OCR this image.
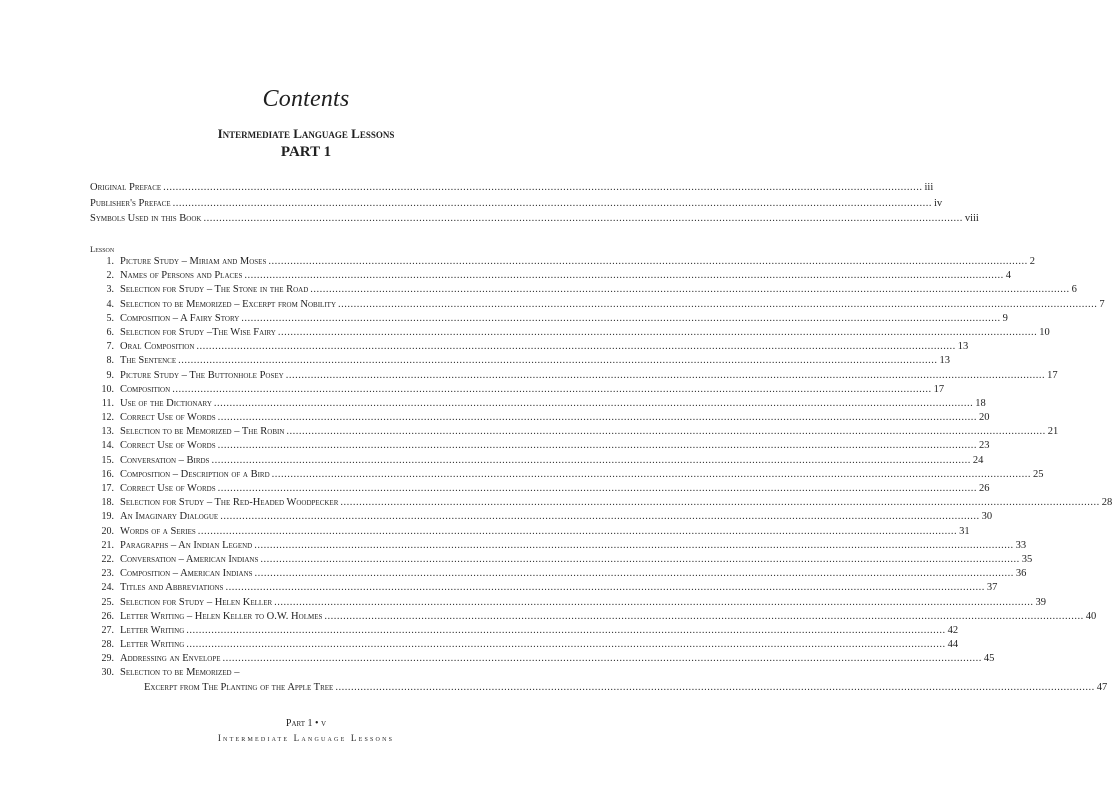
Contents
Intermediate Language Lessons
PART 1
Original Preface .....	iii
Publisher's Preface .....	iv
Symbols Used in this Book .....	viii
Lesson
1. Picture Study – Miriam and Moses .....	2
2. Names of Persons and Places .....	4
3. Selection for Study – The Stone in the Road .....	6
4. Selection to be Memorized – Excerpt from Nobility .....	7
5. Composition – A Fairy Story .....	9
6. Selection for Study –The Wise Fairy .....	10
7. Oral Composition .....	13
8. The Sentence .....	13
9. Picture Study – The Buttonhole Posey .....	17
10. Composition .....	17
11. Use of the Dictionary .....	18
12. Correct Use of Words .....	20
13. Selection to be Memorized – The Robin .....	21
14. Correct Use of Words .....	23
15. Conversation – Birds .....	24
16. Composition – Description of a Bird .....	25
17. Correct Use of Words .....	26
18. Selection for Study – The Red-Headed Woodpecker .....	28
19. An Imaginary Dialogue .....	30
20. Words of a Series .....	31
21. Paragraphs – An Indian Legend .....	33
22. Conversation – American Indians .....	35
23. Composition – American Indians .....	36
24. Titles and Abbreviations .....	37
25. Selection for Study – Helen Keller .....	39
26. Letter Writing – Helen Keller to O.W. Holmes .....	40
27. Letter Writing .....	42
28. Letter Writing .....	44
29. Addressing an Envelope .....	45
30. Selection to be Memorized –
Excerpt from The Planting of the Apple Tree .....	47
Part 1 • v
Intermediate Language Lessons
